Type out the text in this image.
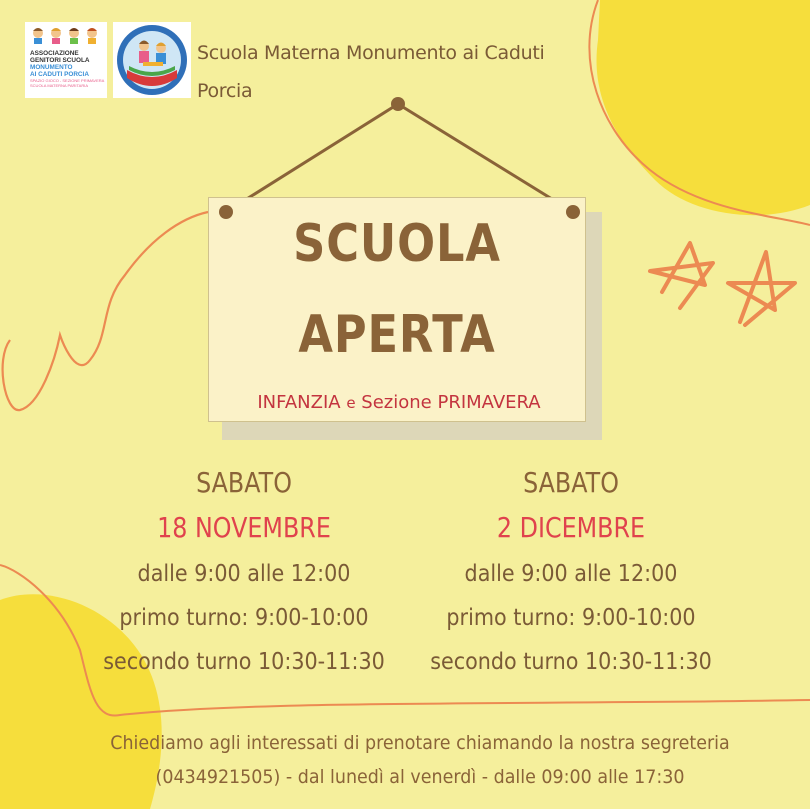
ASSOCIAZIONE
GENITORI SCUOLA
MONUMENTO
AI CADUTI PORCIA
SPAZIO GIOCO - SEZIONE PRIMAVERA
SCUOLA MATERNA PARITARIA
Scuola Materna Monumento ai Caduti
Porcia
SCUOLA
APERTA
INFANZIA e Sezione PRIMAVERA
SABATO
18 NOVEMBRE
dalle 9:00 alle 12:00
primo turno: 9:00-10:00
secondo turno 10:30-11:30
SABATO
2 DICEMBRE
dalle 9:00 alle 12:00
primo turno: 9:00-10:00
secondo turno 10:30-11:30
Chiediamo agli interessati di prenotare chiamando la nostra segreteria
(0434921505) - dal lunedì al venerdì - dalle 09:00 alle 17:30
